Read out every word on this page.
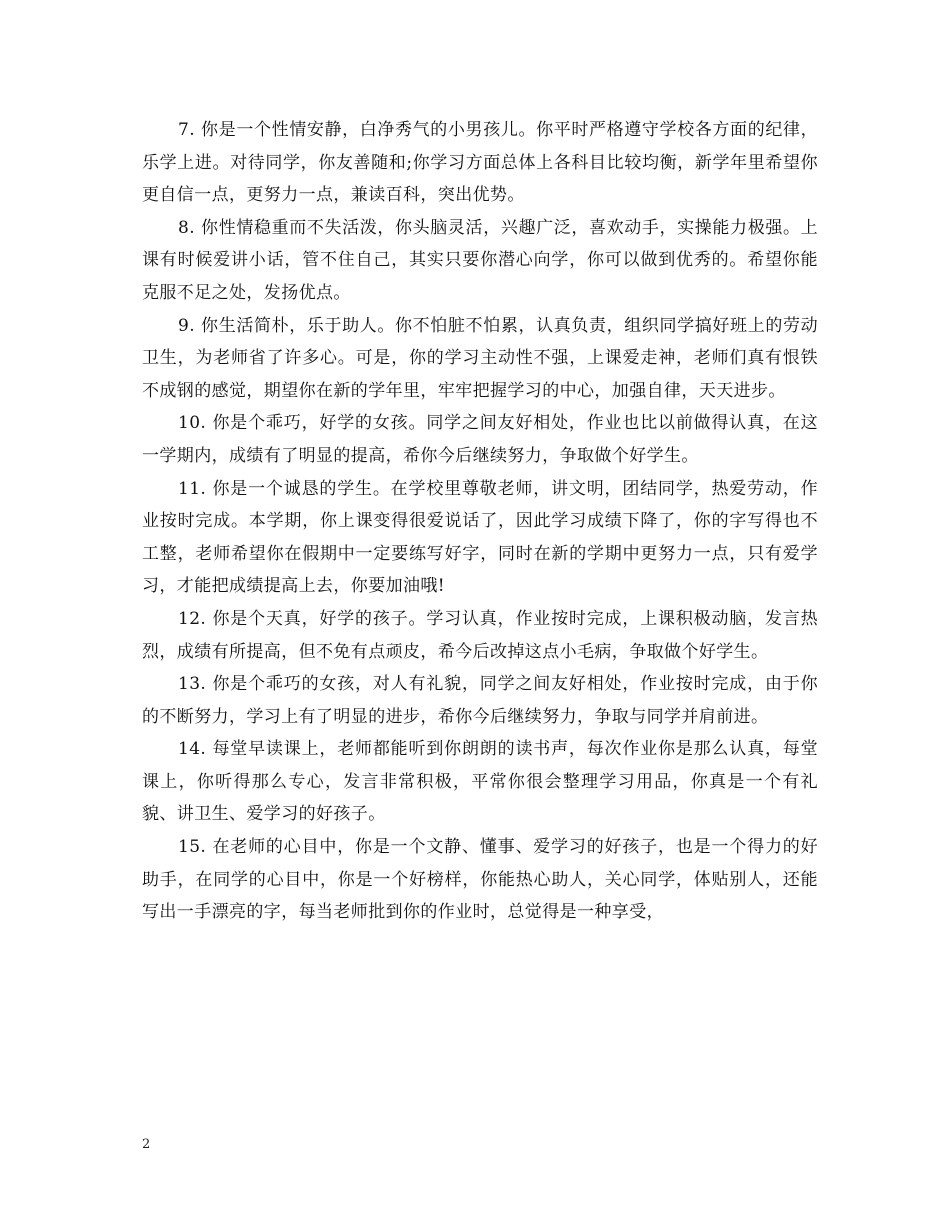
7. 你是一个性情安静，白净秀气的小男孩儿。你平时严格遵守学校各方面的纪律，乐学上进。对待同学，你友善随和;你学习方面总体上各科目比较均衡，新学年里希望你更自信一点，更努力一点，兼读百科，突出优势。

8. 你性情稳重而不失活泼，你头脑灵活，兴趣广泛，喜欢动手，实操能力极强。上课有时候爱讲小话，管不住自己，其实只要你潜心向学，你可以做到优秀的。希望你能克服不足之处，发扬优点。

9. 你生活简朴，乐于助人。你不怕脏不怕累，认真负责，组织同学搞好班上的劳动卫生，为老师省了许多心。可是，你的学习主动性不强，上课爱走神，老师们真有恨铁不成钢的感觉，期望你在新的学年里，牢牢把握学习的中心，加强自律，天天进步。

10. 你是个乖巧，好学的女孩。同学之间友好相处，作业也比以前做得认真，在这一学期内，成绩有了明显的提高，希你今后继续努力，争取做个好学生。

11. 你是一个诚恳的学生。在学校里尊敬老师，讲文明，团结同学，热爱劳动，作业按时完成。本学期，你上课变得很爱说话了，因此学习成绩下降了，你的字写得也不工整，老师希望你在假期中一定要练写好字，同时在新的学期中更努力一点，只有爱学习，才能把成绩提高上去，你要加油哦!

12. 你是个天真，好学的孩子。学习认真，作业按时完成，上课积极动脑，发言热烈，成绩有所提高，但不免有点顽皮，希今后改掉这点小毛病，争取做个好学生。

13. 你是个乖巧的女孩，对人有礼貌，同学之间友好相处，作业按时完成，由于你的不断努力，学习上有了明显的进步，希你今后继续努力，争取与同学并肩前进。

14. 每堂早读课上，老师都能听到你朗朗的读书声，每次作业你是那么认真，每堂课上，你听得那么专心，发言非常积极，平常你很会整理学习用品，你真是一个有礼貌、讲卫生、爱学习的好孩子。

15. 在老师的心目中，你是一个文静、懂事、爱学习的好孩子，也是一个得力的好助手，在同学的心目中，你是一个好榜样，你能热心助人，关心同学，体贴别人，还能写出一手漂亮的字，每当老师批到你的作业时，总觉得是一种享受，

2
